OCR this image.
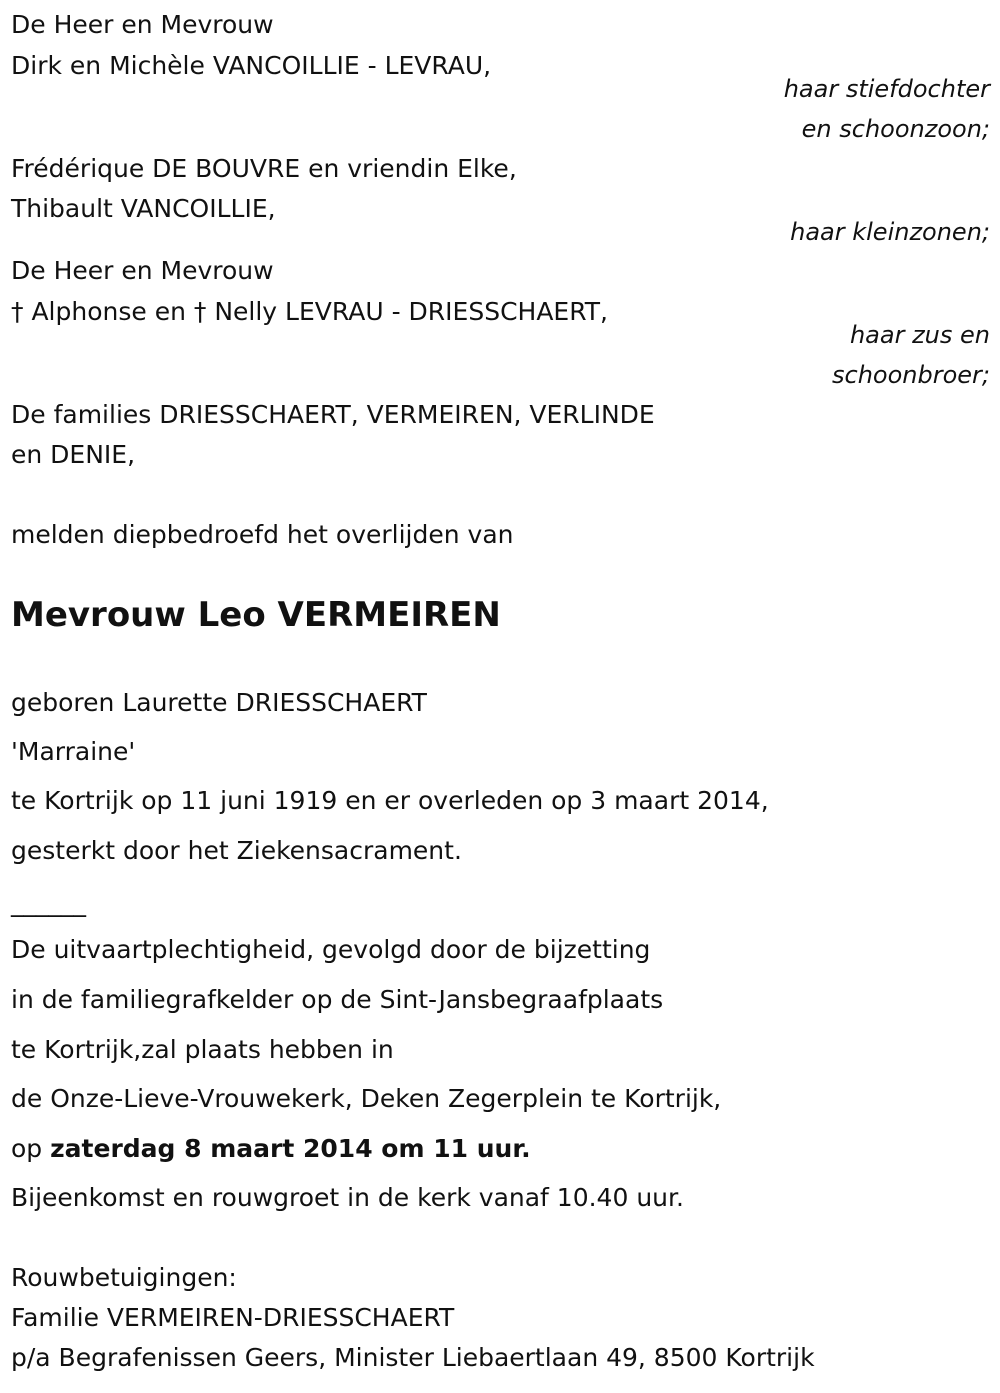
De Heer en Mevrouw
Dirk en Michèle VANCOILLIE - LEVRAU,
haar stiefdochter
en schoonzoon;
Frédérique DE BOUVRE en vriendin Elke,
Thibault VANCOILLIE,
haar kleinzonen;
De Heer en Mevrouw
† Alphonse en † Nelly LEVRAU - DRIESSCHAERT,
haar zus en
schoonbroer;
De families DRIESSCHAERT, VERMEIREN, VERLINDE
en DENIE,
melden diepbedroefd het overlijden van
Mevrouw Leo VERMEIREN
geboren Laurette DRIESSCHAERT
'Marraine'
te Kortrijk op 11 juni 1919 en er overleden op 3 maart 2014,
gesterkt door het Ziekensacrament.
______
De uitvaartplechtigheid, gevolgd door de bijzetting
in de familiegrafkelder op de Sint-Jansbegraafplaats
te Kortrijk,zal plaats hebben in
de Onze-Lieve-Vrouwekerk, Deken Zegerplein te Kortrijk,
op zaterdag 8 maart 2014 om 11 uur.
Bijeenkomst en rouwgroet in de kerk vanaf 10.40 uur.
Rouwbetuigingen:
Familie VERMEIREN-DRIESSCHAERT
p/a Begrafenissen Geers, Minister Liebaertlaan 49, 8500 Kortrijk
